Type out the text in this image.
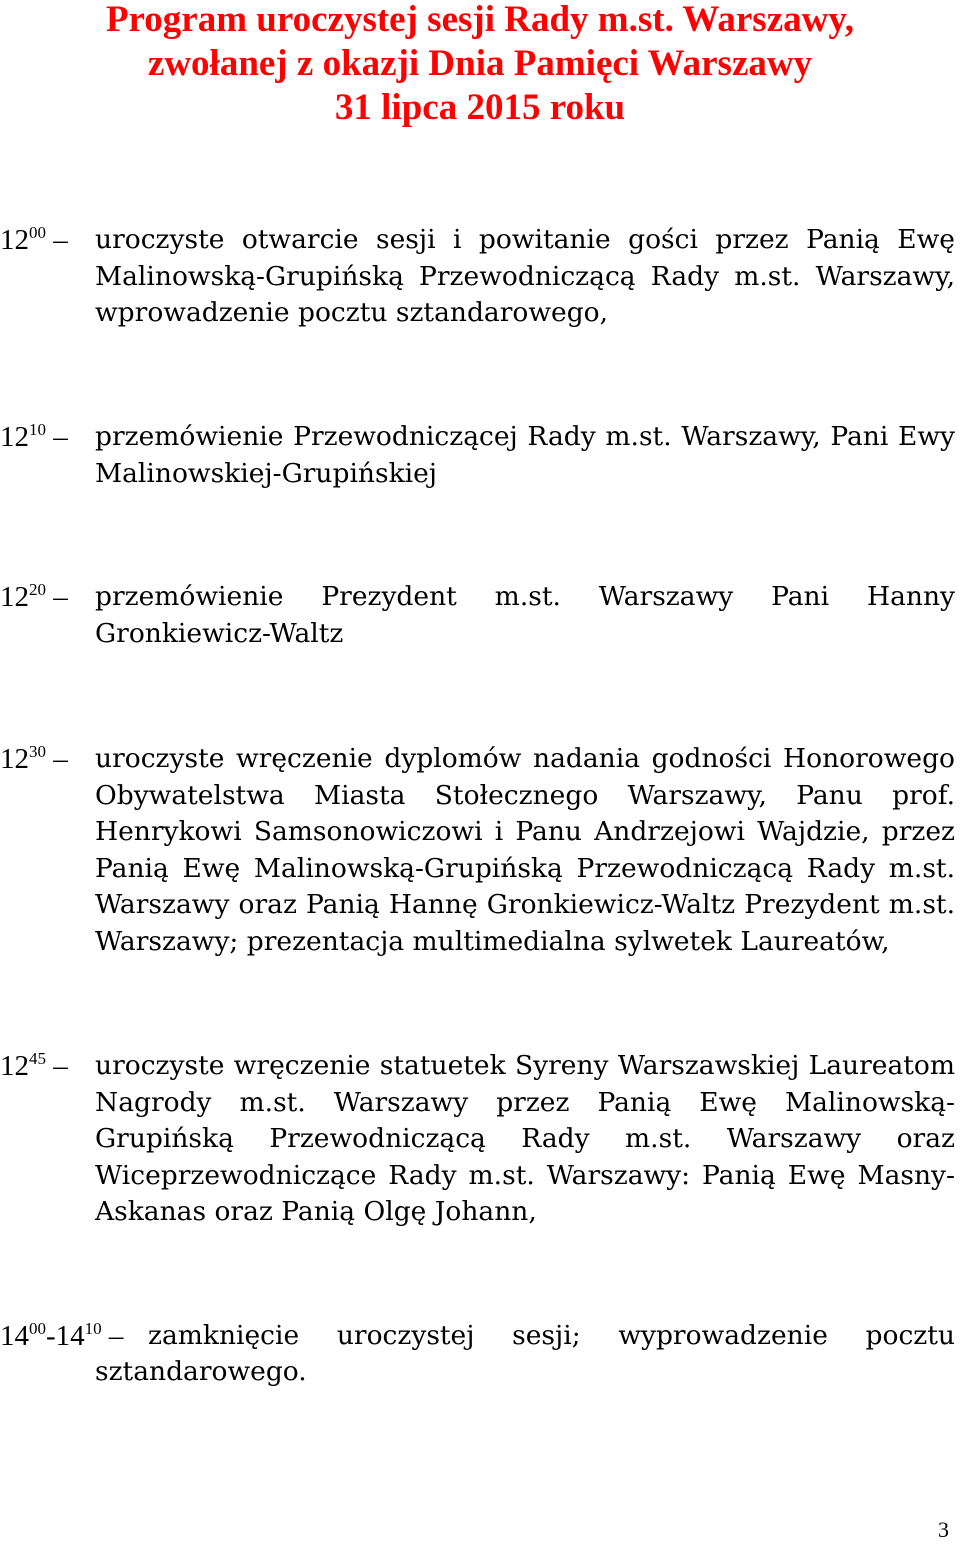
Program uroczystej sesji Rady m.st. Warszawy,
zwołanej z okazji Dnia Pamięci Warszawy
31 lipca 2015 roku
$12^{00}$ – uroczyste otwarcie sesji i powitanie gości przez Panią Ewę Malinowską-Grupińską Przewodniczącą Rady m.st. Warszawy, wprowadzenie pocztu sztandarowego,
$12^{10}$ – przemówienie Przewodniczącej Rady m.st. Warszawy, Pani Ewy Malinowskiej-Grupińskiej
$12^{20}$ – przemówienie Prezydent m.st. Warszawy Pani Hanny Gronkiewicz-Waltz
$12^{30}$ – uroczyste wręczenie dyplomów nadania godności Honorowego Obywatelstwa Miasta Stołecznego Warszawy, Panu prof. Henrykowi Samsonowiczowi i Panu Andrzejowi Wajdzie, przez Panią Ewę Malinowską-Grupińską Przewodniczącą Rady m.st. Warszawy oraz Panią Hannę Gronkiewicz-Waltz Prezydent m.st. Warszawy; prezentacja multimedialna sylwetek Laureatów,
$12^{45}$ – uroczyste wręczenie statuetek Syreny Warszawskiej Laureatom Nagrody m.st. Warszawy przez Panią Ewę Malinowską-Grupińską Przewodniczącą Rady m.st. Warszawy oraz Wiceprzewodniczące Rady m.st. Warszawy: Panią Ewę Masny-Askanas oraz Panią Olgę Johann,
$14^{00}-14^{10}$ – zamknięcie uroczystej sesji; wyprowadzenie pocztu
sztandarowego.
3
